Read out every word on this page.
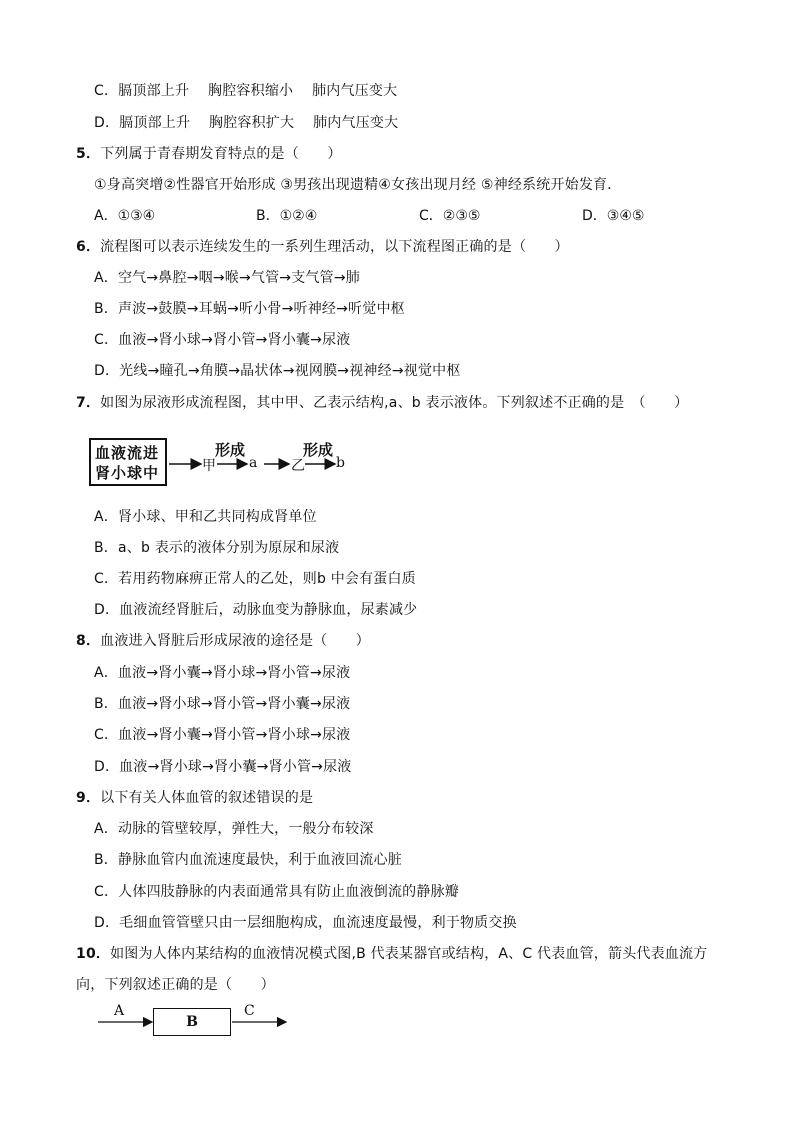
C．膈顶部上升　 胸腔容积缩小　 肺内气压变大
D．膈顶部上升　 胸腔容积扩大　 肺内气压变大
5．下列属于青春期发育特点的是（　　）
①身高突增②性器官开始形成 ③男孩出现遗精④女孩出现月经 ⑤神经系统开始发育．
A．①③④	B．①②④	C．②③⑤	D．③④⑤
6．流程图可以表示连续发生的一系列生理活动，以下流程图正确的是（　　）
A．空气→鼻腔→咽→喉→气管→支气管→肺
B．声波→鼓膜→耳蜗→听小骨→听神经→听觉中枢
C．血液→肾小球→肾小管→肾小囊→尿液
D．光线→瞳孔→角膜→晶状体→视网膜→视神经→视觉中枢
7．如图为尿液形成流程图，其中甲、乙表示结构,a、b 表示液体。下列叙述不正确的是　（　　）
血液流进
肾小球中	甲 a 乙 b
形成	形成
A．肾小球、甲和乙共同构成肾单位
B．a、b 表示的液体分别为原尿和尿液
C．若用药物麻痹正常人的乙处，则b 中会有蛋白质
D．血液流经肾脏后，动脉血变为静脉血，尿素减少
8．血液进入肾脏后形成尿液的途径是（　　）
A．血液→肾小囊→肾小球→肾小管→尿液
B．血液→肾小球→肾小管→肾小囊→尿液
C．血液→肾小囊→肾小管→肾小球→尿液
D．血液→肾小球→肾小囊→肾小管→尿液
9．以下有关人体血管的叙述错误的是
A．动脉的管壁较厚，弹性大，一般分布较深
B．静脉血管内血流速度最快，利于血液回流心脏
C．人体四肢静脉的内表面通常具有防止血液倒流的静脉瓣
D．毛细血管管壁只由一层细胞构成，血流速度最慢，利于物质交换
10．如图为人体内某结构的血液情况模式图,B 代表某器官或结构，A、C 代表血管，箭头代表血流方
向，下列叙述正确的是（　　）
A
B
C
